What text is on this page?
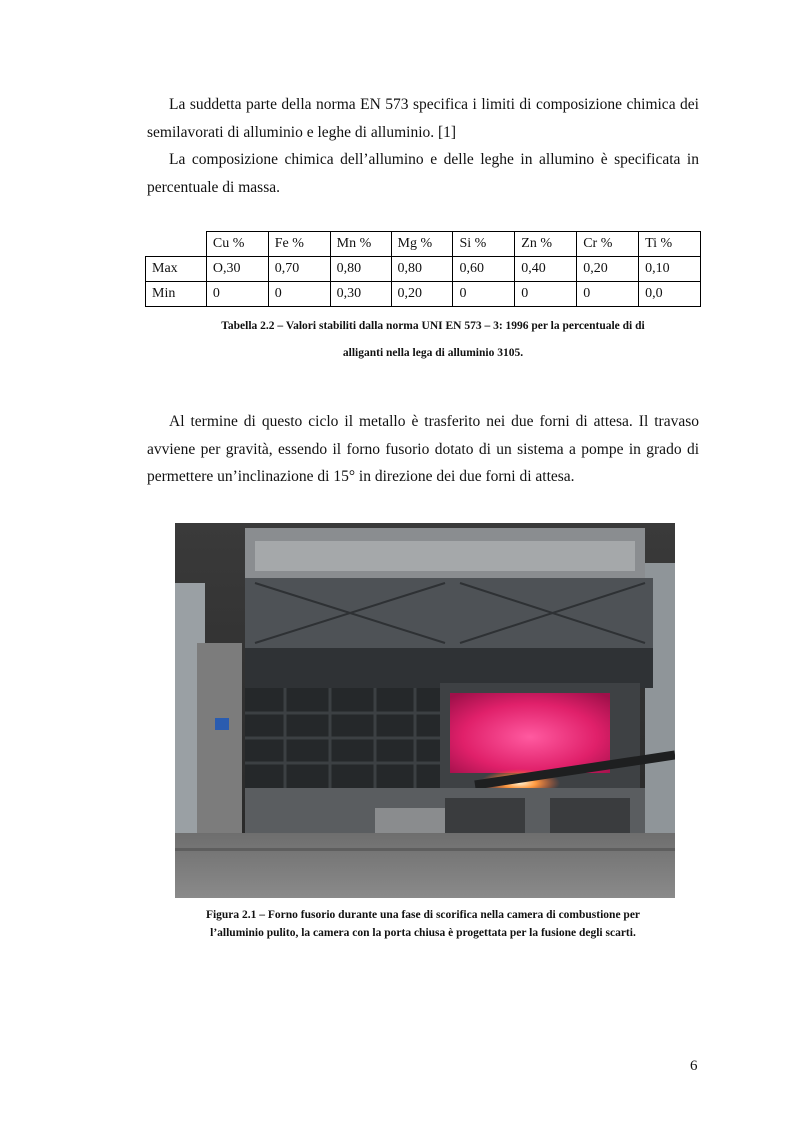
La suddetta parte della norma EN 573 specifica i limiti di composizione chimica dei semilavorati di alluminio e leghe di alluminio. [1]

La composizione chimica dell’allumino e delle leghe in allumino è specificata in percentuale di massa.

	Cu %	Fe %	Mn %	Mg %	Si %	Zn %	Cr %	Ti %
Max	O,30	0,70	0,80	0,80	0,60	0,40	0,20	0,10
Min	0	0	0,30	0,20	0	0	0	0,0

Tabella 2.2 – Valori stabiliti dalla norma UNI EN 573 – 3: 1996 per la percentuale di di
alliganti nella lega di alluminio 3105.

Al termine di questo ciclo il metallo è trasferito nei due forni di attesa. Il travaso avviene per gravità, essendo il forno fusorio dotato di un sistema a pompe in grado di permettere un’inclinazione di 15° in direzione dei due forni di attesa.

Figura 2.1 – Forno fusorio durante una fase di scorifica nella camera di combustione per
l’alluminio pulito, la camera con la porta chiusa è progettata per la fusione degli scarti.

6
